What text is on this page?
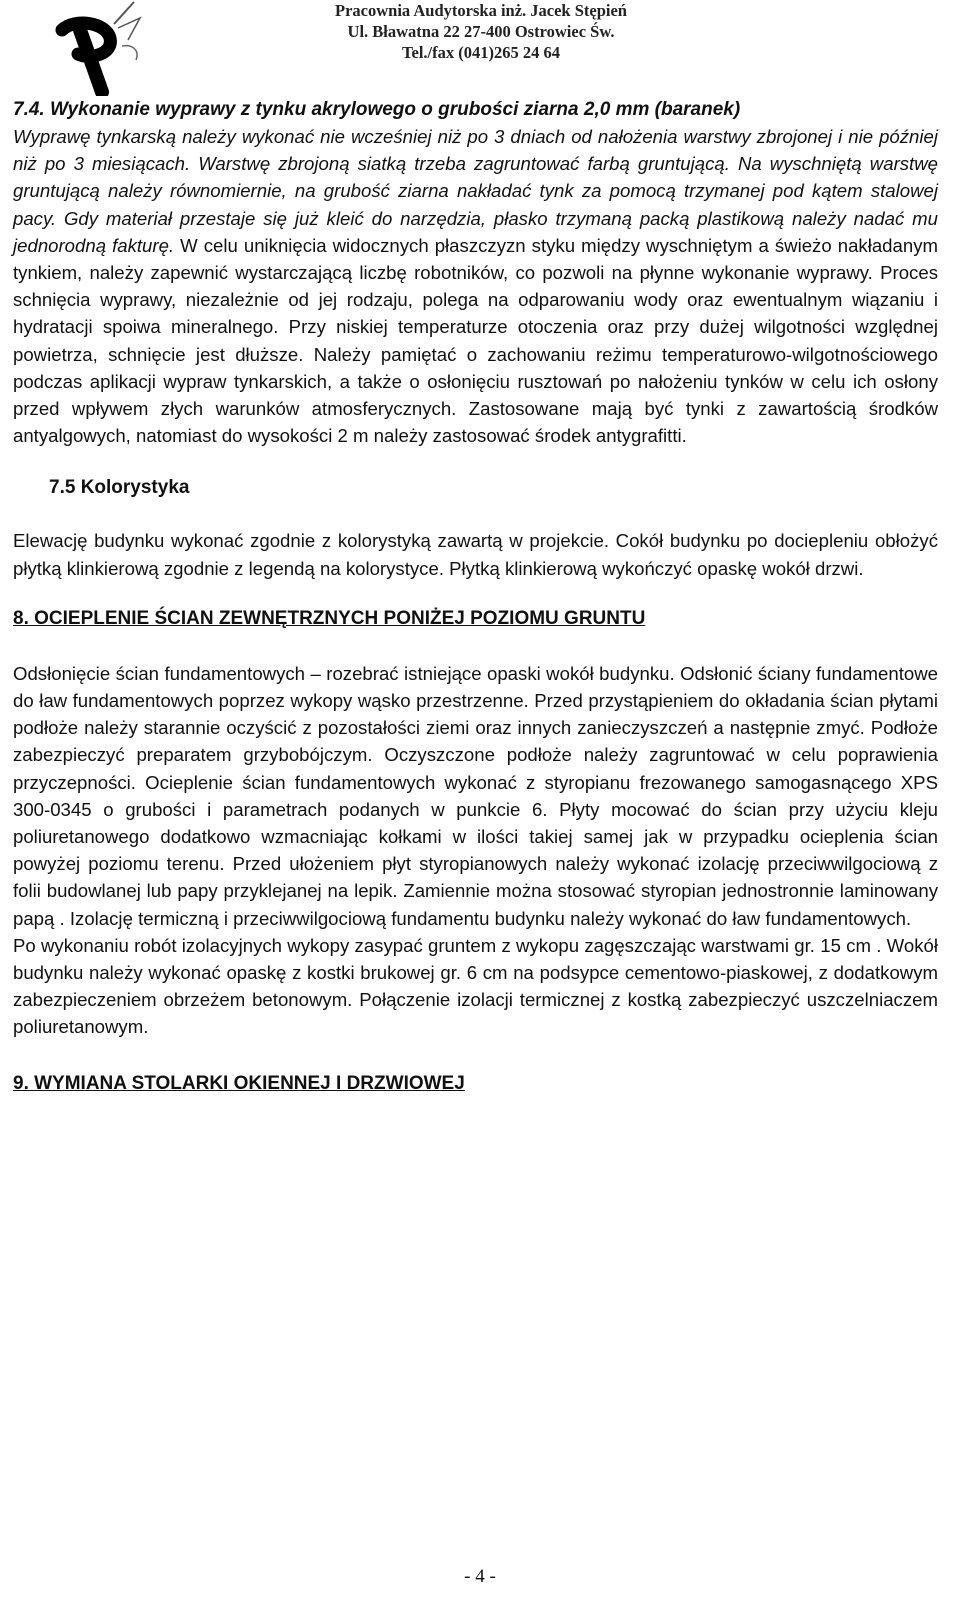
Pracownia Audytorska inż. Jacek Stępień
Ul. Bławatna 22 27-400 Ostrowiec Św.
Tel./fax (041)265 24 64

7.4. Wykonanie wyprawy z tynku akrylowego o grubości ziarna 2,0 mm (baranek)

Wyprawę tynkarską należy wykonać nie wcześniej niż po 3 dniach od nałożenia warstwy zbrojonej i nie później niż po 3 miesiącach. Warstwę zbrojoną siatką trzeba zagruntować farbą gruntującą. Na wyschniętą warstwę gruntującą należy równomiernie, na grubość ziarna nakładać tynk za pomocą trzymanej pod kątem stalowej pacy. Gdy materiał przestaje się już kleić do narzędzia, płasko trzymaną packą plastikową należy nadać mu jednorodną fakturę. W celu uniknięcia widocznych płaszczyzn styku między wyschniętym a świeżo nakładanym tynkiem, należy zapewnić wystarczającą liczbę robotników, co pozwoli na płynne wykonanie wyprawy. Proces schnięcia wyprawy, niezależnie od jej rodzaju, polega na odparowaniu wody oraz ewentualnym wiązaniu i hydratacji spoiwa mineralnego. Przy niskiej temperaturze otoczenia oraz przy dużej wilgotności względnej powietrza, schnięcie jest dłuższe. Należy pamiętać o zachowaniu reżimu temperaturowo-wilgotnościowego podczas aplikacji wypraw tynkarskich, a także o osłonięciu rusztowań po nałożeniu tynków w celu ich osłony przed wpływem złych warunków atmosferycznych. Zastosowane mają być tynki z zawartością środków antyalgowych, natomiast do wysokości 2 m należy zastosować środek antygrafitti.

7.5 Kolorystyka

Elewację budynku wykonać zgodnie z kolorystyką zawartą w projekcie. Cokół budynku po dociepleniu obłożyć płytką klinkierową zgodnie z legendą na kolorystyce. Płytką klinkierową wykończyć opaskę wokół drzwi.

8. OCIEPLENIE ŚCIAN ZEWNĘTRZNYCH PONIŻEJ POZIOMU GRUNTU

Odsłonięcie ścian fundamentowych – rozebrać istniejące opaski wokół budynku. Odsłonić ściany fundamentowe do ław fundamentowych poprzez wykopy wąsko przestrzenne. Przed przystąpieniem do okładania ścian płytami podłoże należy starannie oczyścić z pozostałości ziemi oraz innych zanieczyszczeń a następnie zmyć. Podłoże zabezpieczyć preparatem grzybobójczym. Oczyszczone podłoże należy zagruntować w celu poprawienia przyczepności. Ocieplenie ścian fundamentowych wykonać z styropianu frezowanego samogasnącego XPS 300-0345 o grubości i parametrach podanych w punkcie 6. Płyty mocować do ścian przy użyciu kleju poliuretanowego dodatkowo wzmacniając kołkami w ilości takiej samej jak w przypadku ocieplenia ścian powyżej poziomu terenu. Przed ułożeniem płyt styropianowych należy wykonać izolację przeciwwilgociową z folii budowlanej lub papy przyklejanej na lepik. Zamiennie można stosować styropian jednostronnie laminowany papą . Izolację termiczną i przeciwwilgociową fundamentu budynku należy wykonać do ław fundamentowych.

Po wykonaniu robót izolacyjnych wykopy zasypać gruntem z wykopu zagęszczając warstwami gr. 15 cm . Wokół budynku należy wykonać opaskę z kostki brukowej gr. 6 cm na podsypce cementowo-piaskowej, z dodatkowym zabezpieczeniem obrzeżem betonowym. Połączenie izolacji termicznej z kostką zabezpieczyć uszczelniaczem poliuretanowym.

9. WYMIANA STOLARKI OKIENNEJ I DRZWIOWEJ

- 4 -
